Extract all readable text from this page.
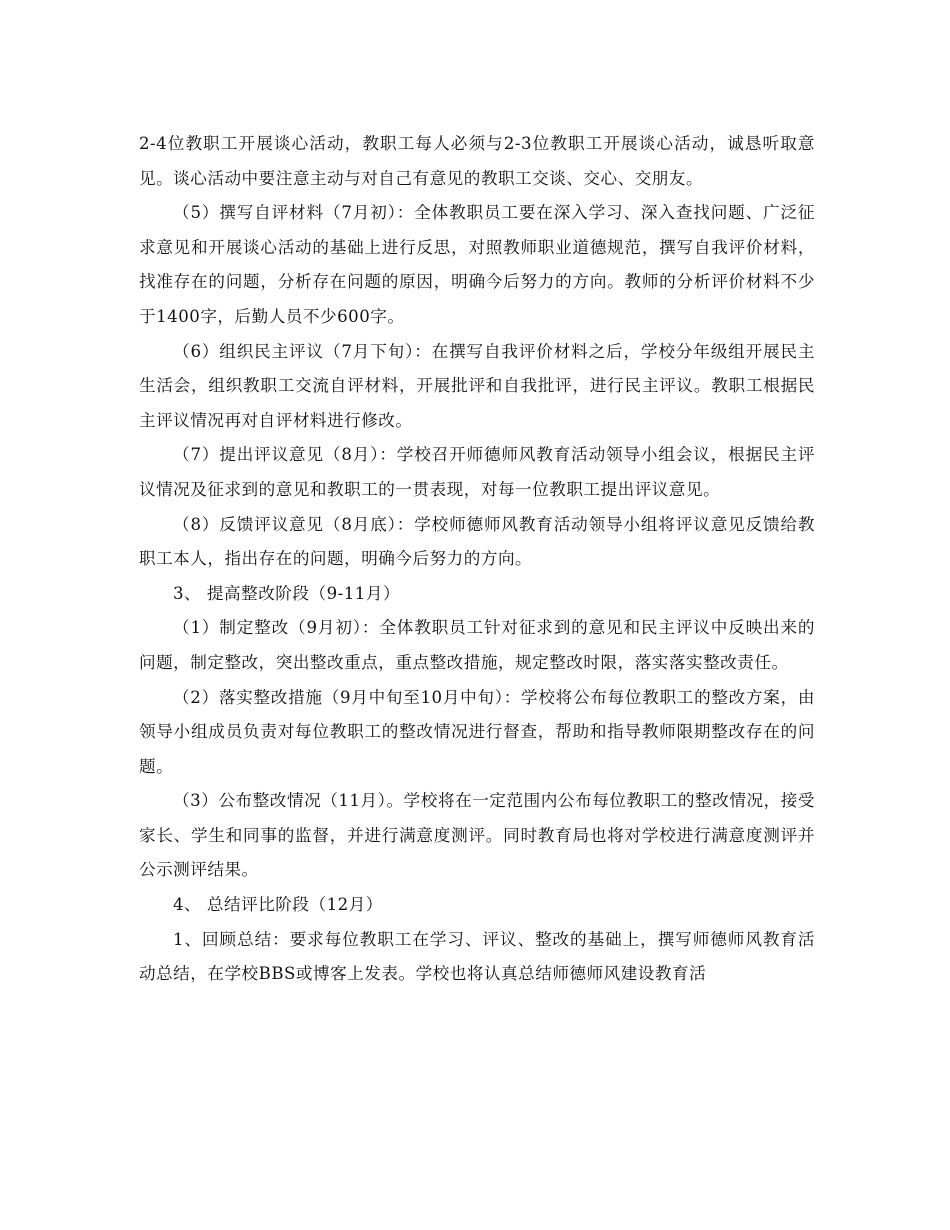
2-4位教职工开展谈心活动，教职工每人必须与2-3位教职工开展谈心活动，诚恳听取意见。谈心活动中要注意主动与对自己有意见的教职工交谈、交心、交朋友。

（5）撰写自评材料（7月初）：全体教职员工要在深入学习、深入查找问题、广泛征求意见和开展谈心活动的基础上进行反思，对照教师职业道德规范，撰写自我评价材料，找准存在的问题，分析存在问题的原因，明确今后努力的方向。教师的分析评价材料不少于1400字，后勤人员不少600字。

（6）组织民主评议（7月下旬）：在撰写自我评价材料之后，学校分年级组开展民主生活会，组织教职工交流自评材料，开展批评和自我批评，进行民主评议。教职工根据民主评议情况再对自评材料进行修改。

（7）提出评议意见（8月）：学校召开师德师风教育活动领导小组会议，根据民主评议情况及征求到的意见和教职工的一贯表现，对每一位教职工提出评议意见。

（8）反馈评议意见（8月底）：学校师德师风教育活动领导小组将评议意见反馈给教职工本人，指出存在的问题，明确今后努力的方向。

3、 提高整改阶段（9-11月）

（1）制定整改（9月初）：全体教职员工针对征求到的意见和民主评议中反映出来的问题，制定整改，突出整改重点，重点整改措施，规定整改时限，落实落实整改责任。

（2）落实整改措施（9月中旬至10月中旬）：学校将公布每位教职工的整改方案，由领导小组成员负责对每位教职工的整改情况进行督查，帮助和指导教师限期整改存在的问题。

（3）公布整改情况（11月）。学校将在一定范围内公布每位教职工的整改情况，接受家长、学生和同事的监督，并进行满意度测评。同时教育局也将对学校进行满意度测评并公示测评结果。

4、 总结评比阶段（12月）

1、回顾总结：要求每位教职工在学习、评议、整改的基础上，撰写师德师风教育活动总结，在学校BBS或博客上发表。学校也将认真总结师德师风建设教育活
